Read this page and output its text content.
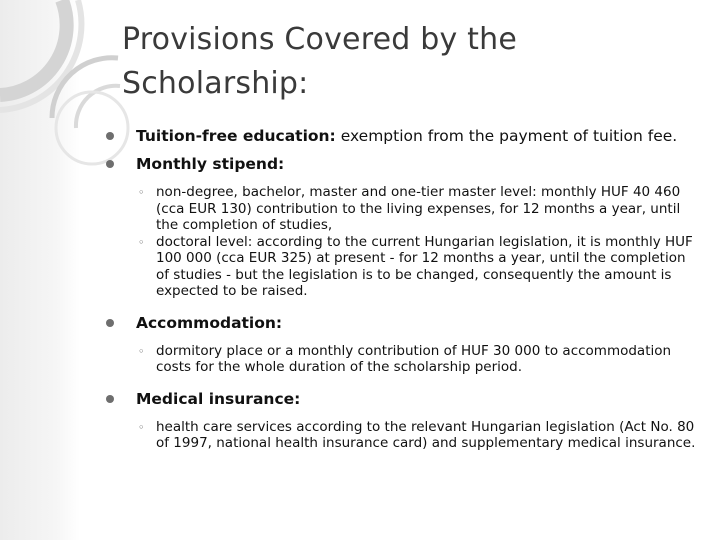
Provisions Covered by the Scholarship:

Tuition-free education: exemption from the payment of tuition fee.

Monthly stipend:

◦ non-degree, bachelor, master and one-tier master level: monthly HUF 40 460 (cca EUR 130) contribution to the living expenses, for 12 months a year, until the completion of studies,

◦ doctoral level: according to the current Hungarian legislation, it is monthly HUF 100 000 (cca EUR 325) at present - for 12 months a year, until the completion of studies - but the legislation is to be changed, consequently the amount is expected to be raised.

Accommodation:

◦ dormitory place or a monthly contribution of HUF 30 000 to accommodation costs for the whole duration of the scholarship period.

Medical insurance:

◦ health care services according to the relevant Hungarian legislation (Act No. 80 of 1997, national health insurance card) and supplementary medical insurance.
